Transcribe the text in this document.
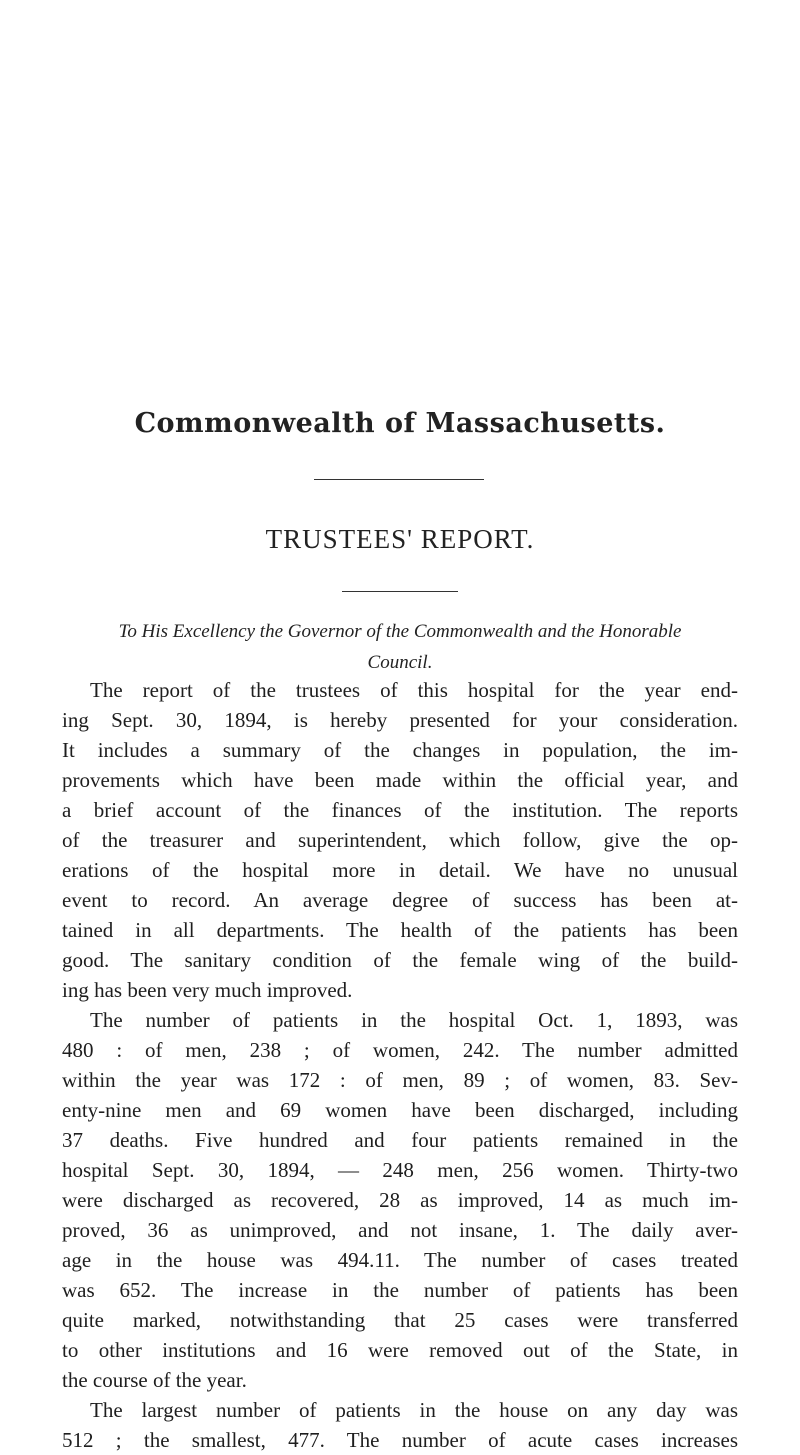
Commonwealth of Massachusetts.
TRUSTEES' REPORT.
To His Excellency the Governor of the Commonwealth and the Honorable
Council.
The report of the trustees of this hospital for the year end-
ing Sept. 30, 1894, is hereby presented for your consideration.
It includes a summary of the changes in population, the im-
provements which have been made within the official year, and
a brief account of the finances of the institution. The reports
of the treasurer and superintendent, which follow, give the op-
erations of the hospital more in detail. We have no unusual
event to record. An average degree of success has been at-
tained in all departments. The health of the patients has been
good. The sanitary condition of the female wing of the build-
ing has been very much improved.
The number of patients in the hospital Oct. 1, 1893, was
480 : of men, 238 ; of women, 242. The number admitted
within the year was 172 : of men, 89 ; of women, 83. Sev-
enty-nine men and 69 women have been discharged, including
37 deaths. Five hundred and four patients remained in the
hospital Sept. 30, 1894, — 248 men, 256 women. Thirty-two
were discharged as recovered, 28 as improved, 14 as much im-
proved, 36 as unimproved, and not insane, 1. The daily aver-
age in the house was 494.11. The number of cases treated
was 652. The increase in the number of patients has been
quite marked, notwithstanding that 25 cases were transferred
to other institutions and 16 were removed out of the State, in
the course of the year.
The largest number of patients in the house on any day was
512 ; the smallest, 477. The number of acute cases increases
